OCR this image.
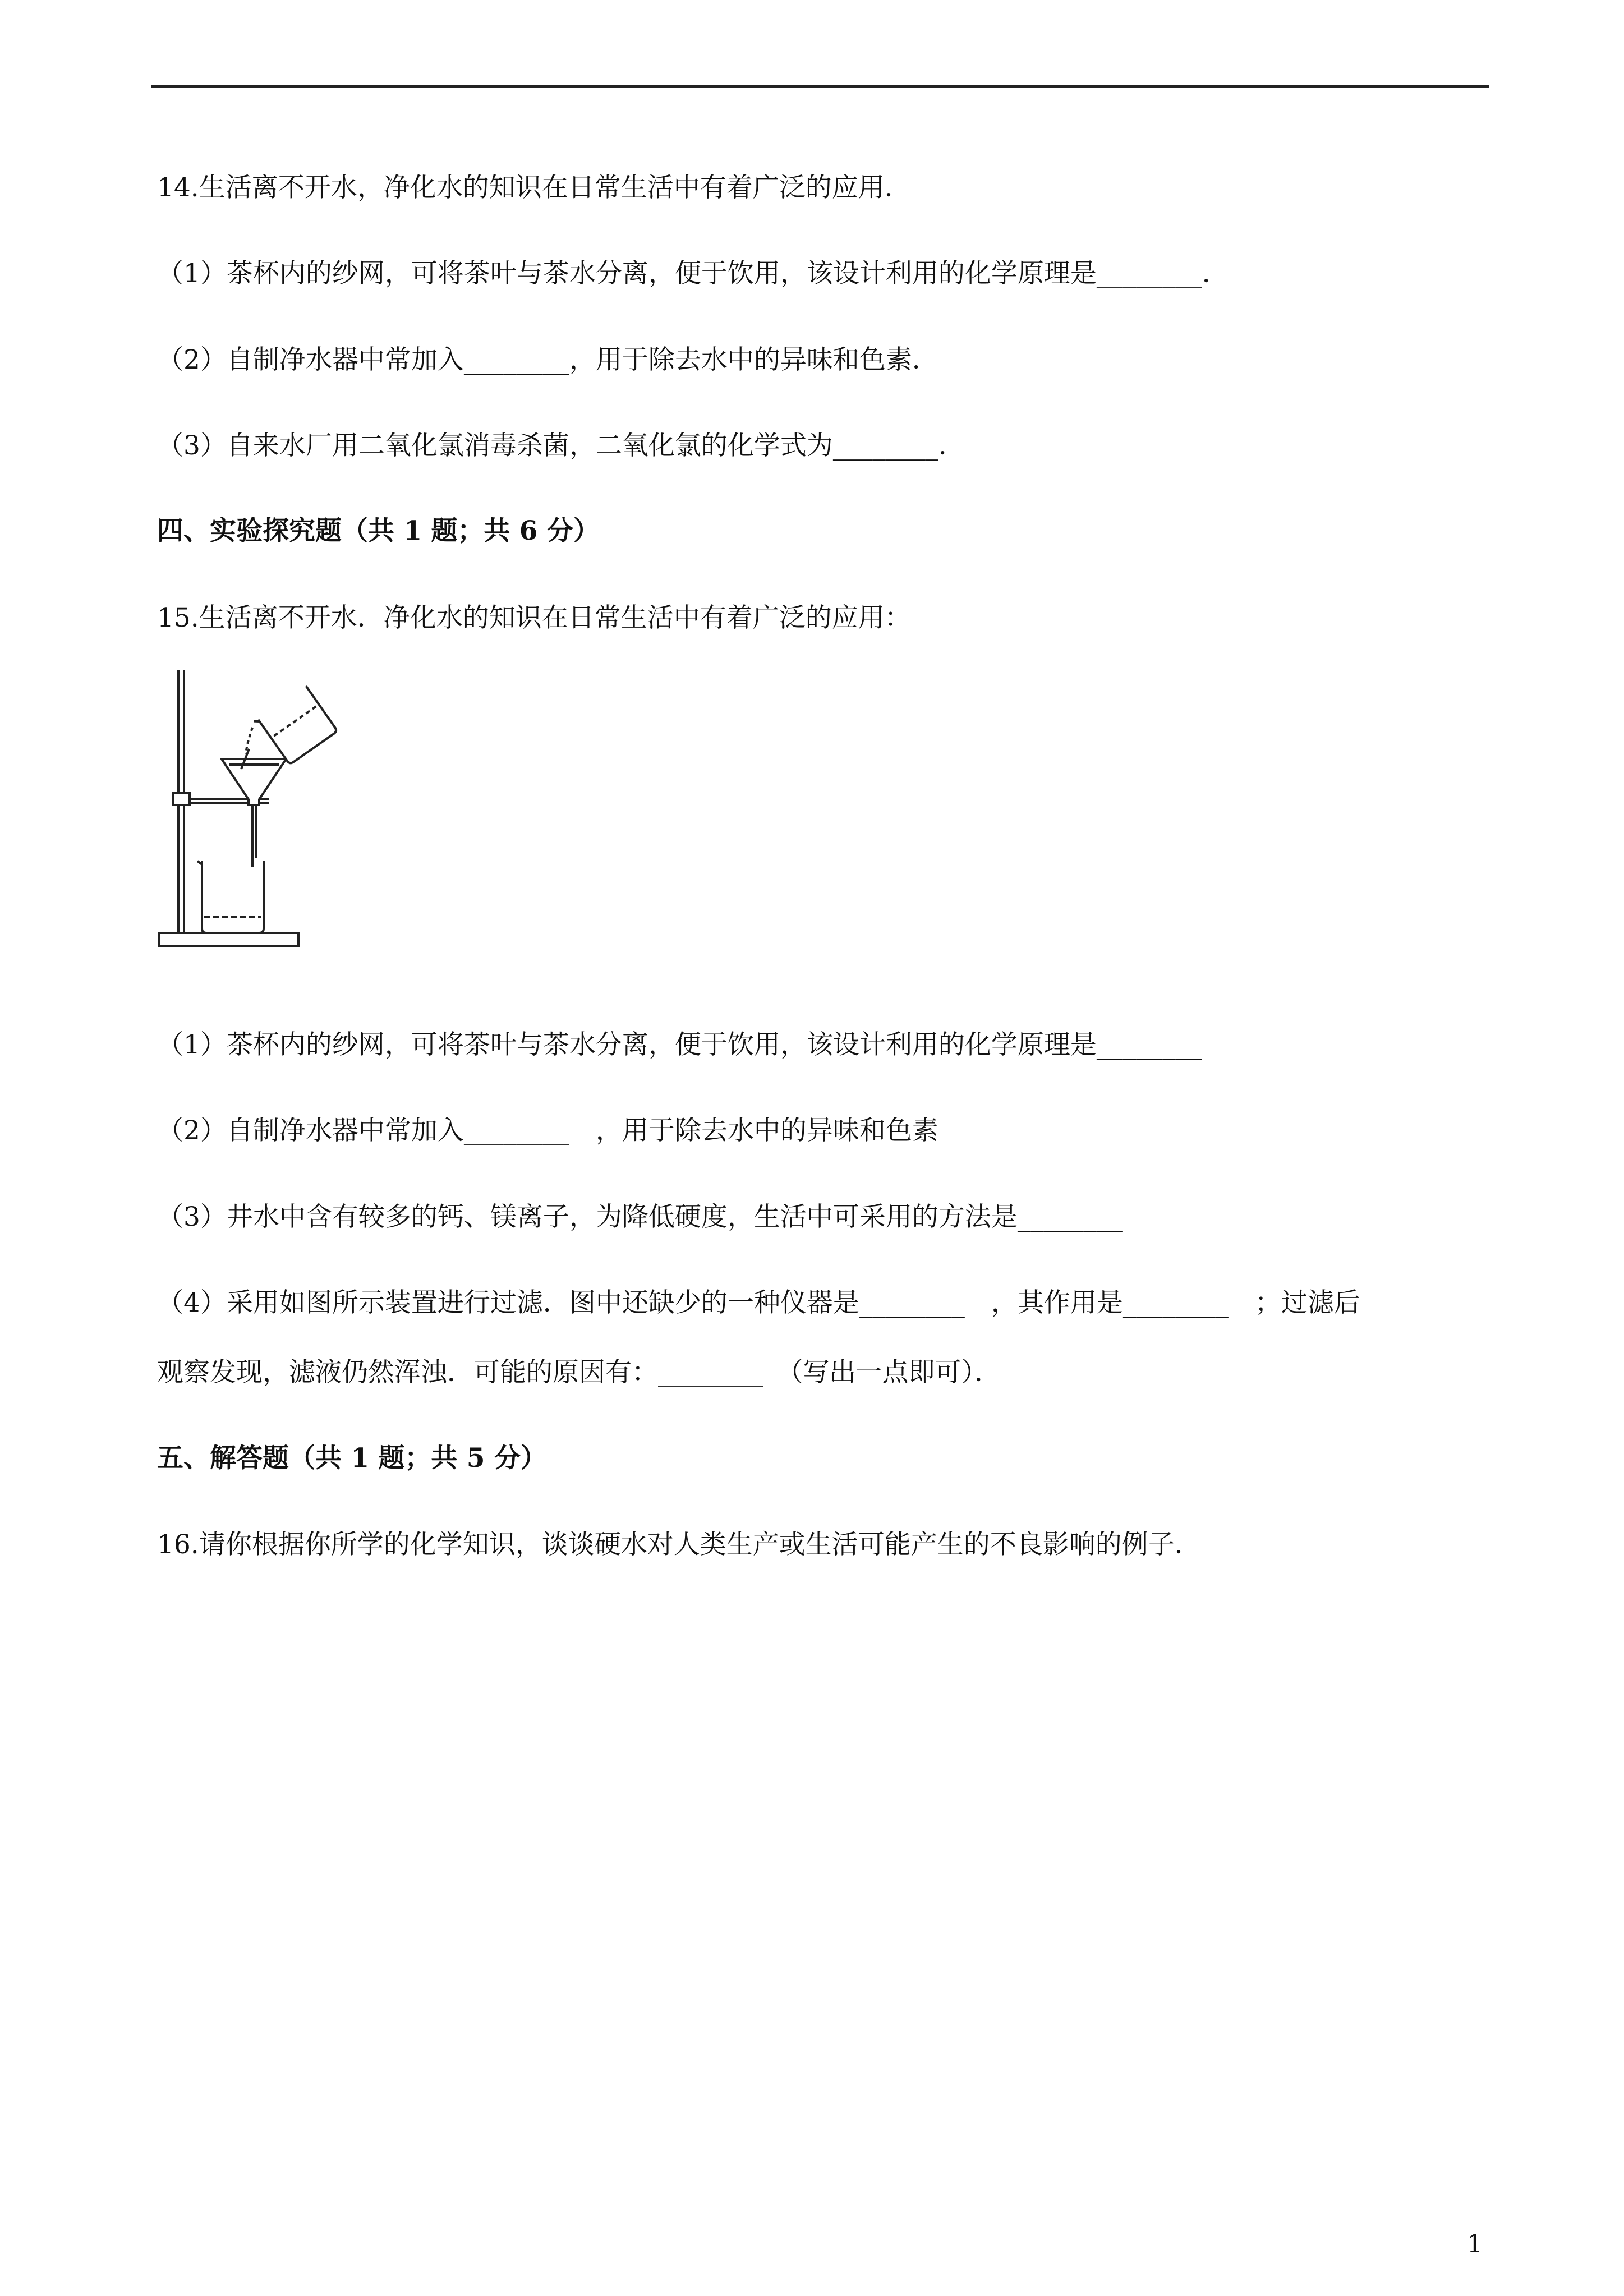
14.生活离不开水，净化水的知识在日常生活中有着广泛的应用．
（1）茶杯内的纱网，可将茶叶与茶水分离，便于饮用，该设计利用的化学原理是________．
（2）自制净水器中常加入________，用于除去水中的异味和色素．
（3）自来水厂用二氧化氯消毒杀菌，二氧化氯的化学式为________．
四、实验探究题（共 1 题；共 6 分）
15.生活离不开水．净化水的知识在日常生活中有着广泛的应用：
（1）茶杯内的纱网，可将茶叶与茶水分离，便于饮用，该设计利用的化学原理是________
（2）自制净水器中常加入________　，用于除去水中的异味和色素
（3）井水中含有较多的钙、镁离子，为降低硬度，生活中可采用的方法是________
（4）采用如图所示装置进行过滤．图中还缺少的一种仪器是________　，其作用是________　；过滤后
观察发现，滤液仍然浑浊．可能的原因有：________　（写出一点即可）．
五、解答题（共 1 题；共 5 分）
16.请你根据你所学的化学知识，谈谈硬水对人类生产或生活可能产生的不良影响的例子．
1
